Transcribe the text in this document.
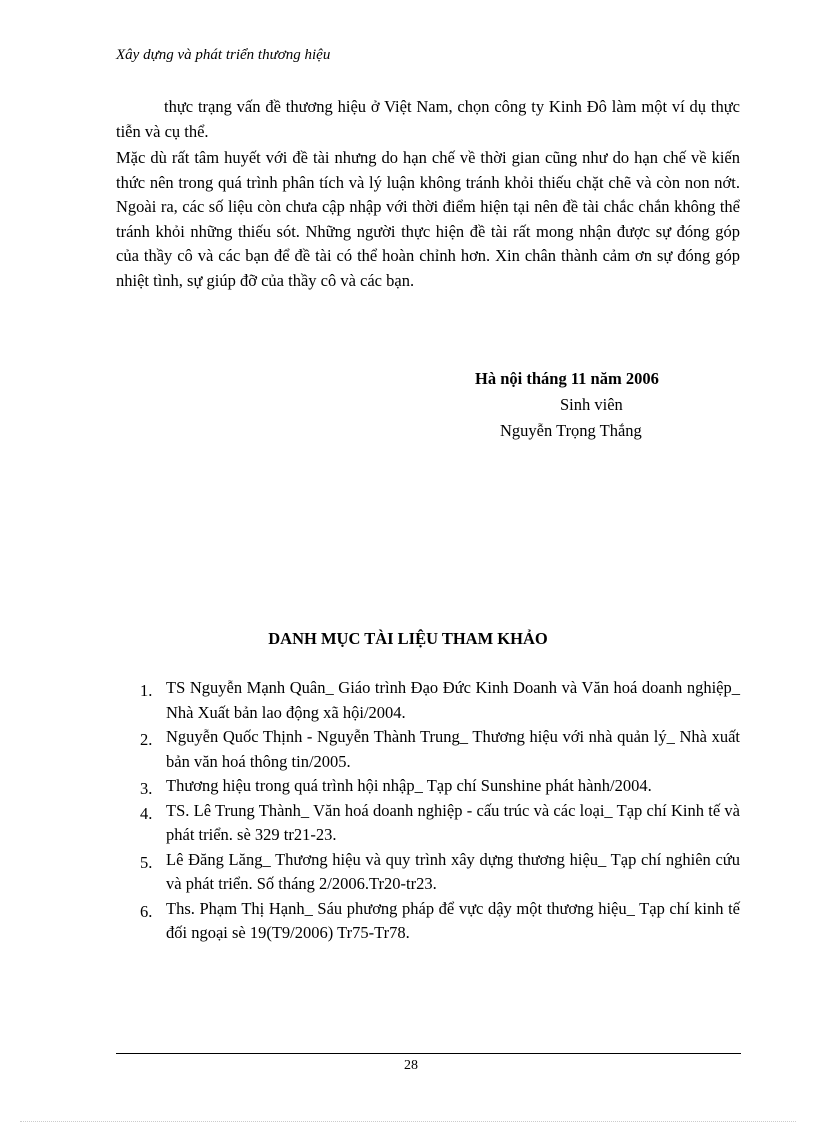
Xây dựng và phát triển thương hiệu

thực trạng vấn đề thương hiệu ở Việt Nam, chọn công ty Kinh Đô làm một ví dụ thực tiễn và cụ thể.

Mặc dù rất tâm huyết với đề tài nhưng do hạn chế về thời gian cũng như do hạn chế về kiến thức nên trong quá trình phân tích và lý luận không tránh khỏi thiếu chặt chẽ và còn non nớt. Ngoài ra, các số liệu còn chưa cập nhập với thời điểm hiện tại nên đề tài chắc chắn không thể tránh khỏi những thiếu sót. Những người thực hiện đề tài rất mong nhận được sự đóng góp của thầy cô và các bạn để đề tài có thể hoàn chỉnh hơn. Xin chân thành cảm ơn sự đóng góp nhiệt tình, sự giúp đỡ của thầy cô và các bạn.

Hà nội tháng 11 năm 2006
Sinh viên
Nguyễn Trọng Thắng
DANH MỤC TÀI LIỆU THAM KHẢO
1. TS Nguyễn Mạnh Quân_ Giáo trình Đạo Đức Kinh Doanh và Văn hoá doanh nghiệp_ Nhà Xuất bản lao động xã hội/2004.
2. Nguyễn Quốc Thịnh - Nguyễn Thành Trung_ Thương hiệu với nhà quản lý_ Nhà xuất bản văn hoá thông tin/2005.
3. Thương hiệu trong quá trình hội nhập_ Tạp chí Sunshine phát hành/2004.
4. TS. Lê Trung Thành_ Văn hoá doanh nghiệp - cấu trúc và các loại_ Tạp chí Kinh tế và phát triển. sè 329 tr21-23.
5. Lê Đăng Lăng_ Thương hiệu và quy trình xây dựng thương hiệu_ Tạp chí nghiên cứu và phát triển. Số tháng 2/2006.Tr20-tr23.
6. Ths. Phạm Thị Hạnh_ Sáu phương pháp để vực dậy một thương hiệu_ Tạp chí kinh tế đối ngoại sè 19(T9/2006) Tr75-Tr78.
28
